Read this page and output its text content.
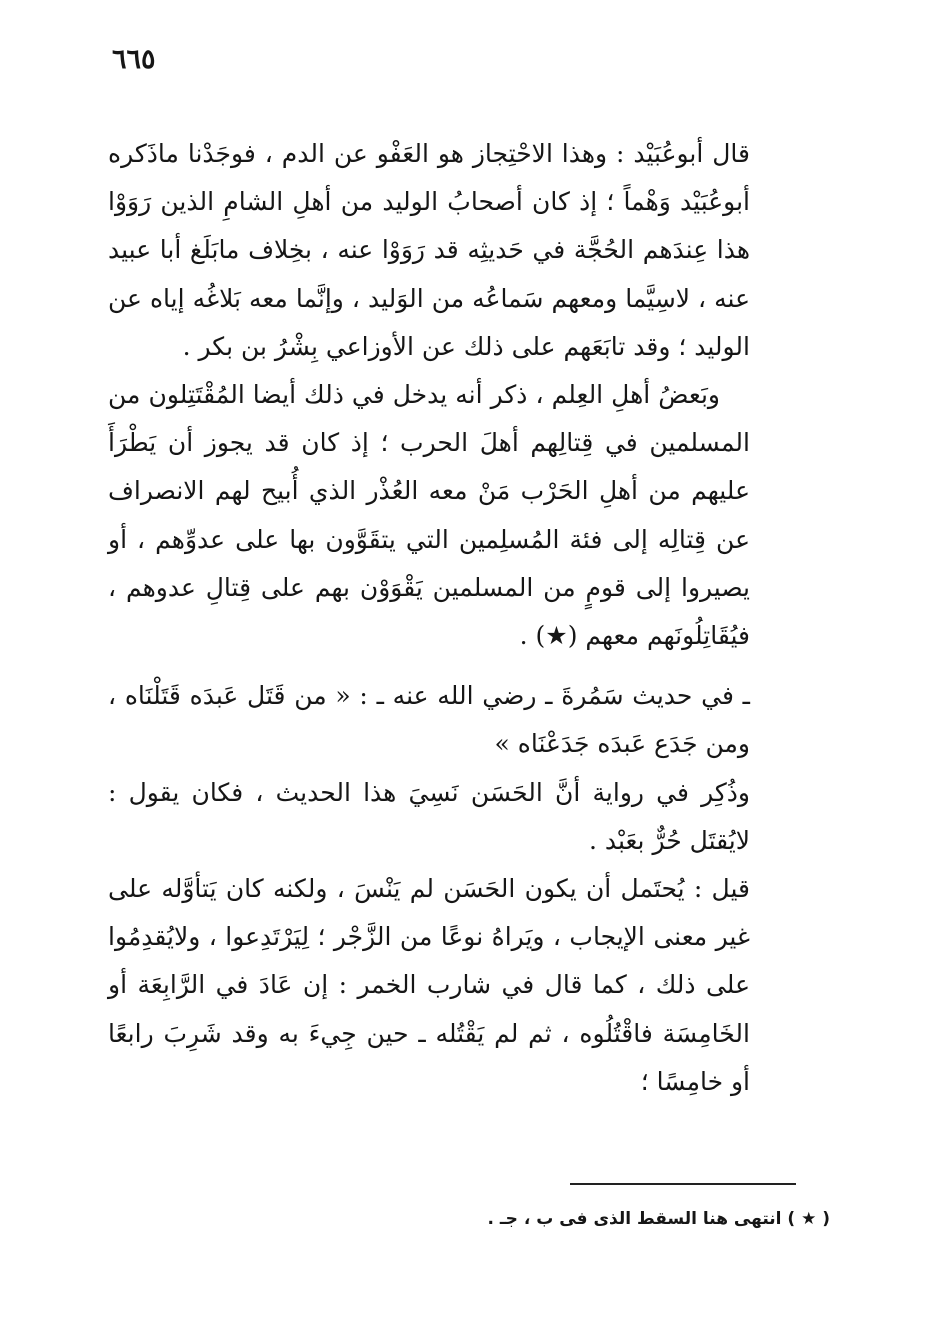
٦٦٥

قال أبوعُبَيْد : وهذا الاحْتِجاز هو العَفْو عن الدم ، فوجَدْنا ماذَكره أبوعُبَيْد وَهْماً ؛ إذ كان أصحابُ الوليد من أهلِ الشامِ الذين رَوَوْا هذا عِندَهم الحُجَّة في حَديثِه قد رَوَوْا عنه ، بخِلاف مابَلَغ أبا عبيد عنه ، لاسِيَّما ومعهم سَماعُه من الوَليد ، وإنَّما معه بَلاغُه إياه عن الوليد ؛ وقد تابَعَهم على ذلك عن الأوزاعي بِشْرُ بن بكر .

وبَعضُ أهلِ العِلم ، ذكر أنه يدخل في ذلك أيضا المُقْتَتِلون من المسلمين في قِتالِهم أهلَ الحرب ؛ إذ كان قد يجوز أن يَطْرَأَ عليهم من أهلِ الحَرْب مَنْ معه العُذْر الذي أُبيح لهم الانصراف عن قِتالِه إلى فئة المُسلِمين التي يتقَوَّون بها على عدوِّهم ، أو يصيروا إلى قومٍ من المسلمين يَقْوَوْن بهم على قِتالِ عدوهم ، فيُقَاتِلُونَهم معهم (★) .

ـ في حديث سَمُرةَ ـ رضي الله عنه ـ : « من قَتَل عَبدَه قَتَلْنَاه ، ومن جَدَع عَبدَه جَدَعْنَاه »

وذُكِر في رواية أنَّ الحَسَن نَسِيَ هذا الحديث ، فكان يقول : لايُقتَل حُرٌّ بعَبْد .

قيل : يُحتَمل أن يكون الحَسَن لم يَنْسَ ، ولكنه كان يَتأوَّله على غير معنى الإيجاب ، ويَراهُ نوعًا من الزَّجْر ؛ لِيَرْتَدِعوا ، ولايُقدِمُوا على ذلك ، كما قال في شارب الخمر : إن عَادَ في الرَّابِعَة أو الخَامِسَة فاقْتُلُوه ، ثم لم يَقْتُله ـ حين جِيءَ به وقد شَرِبَ رابعًا أو خامِسًا ؛

( ★ ) انتهى هنا السقط الذى فى ب ، جـ .
